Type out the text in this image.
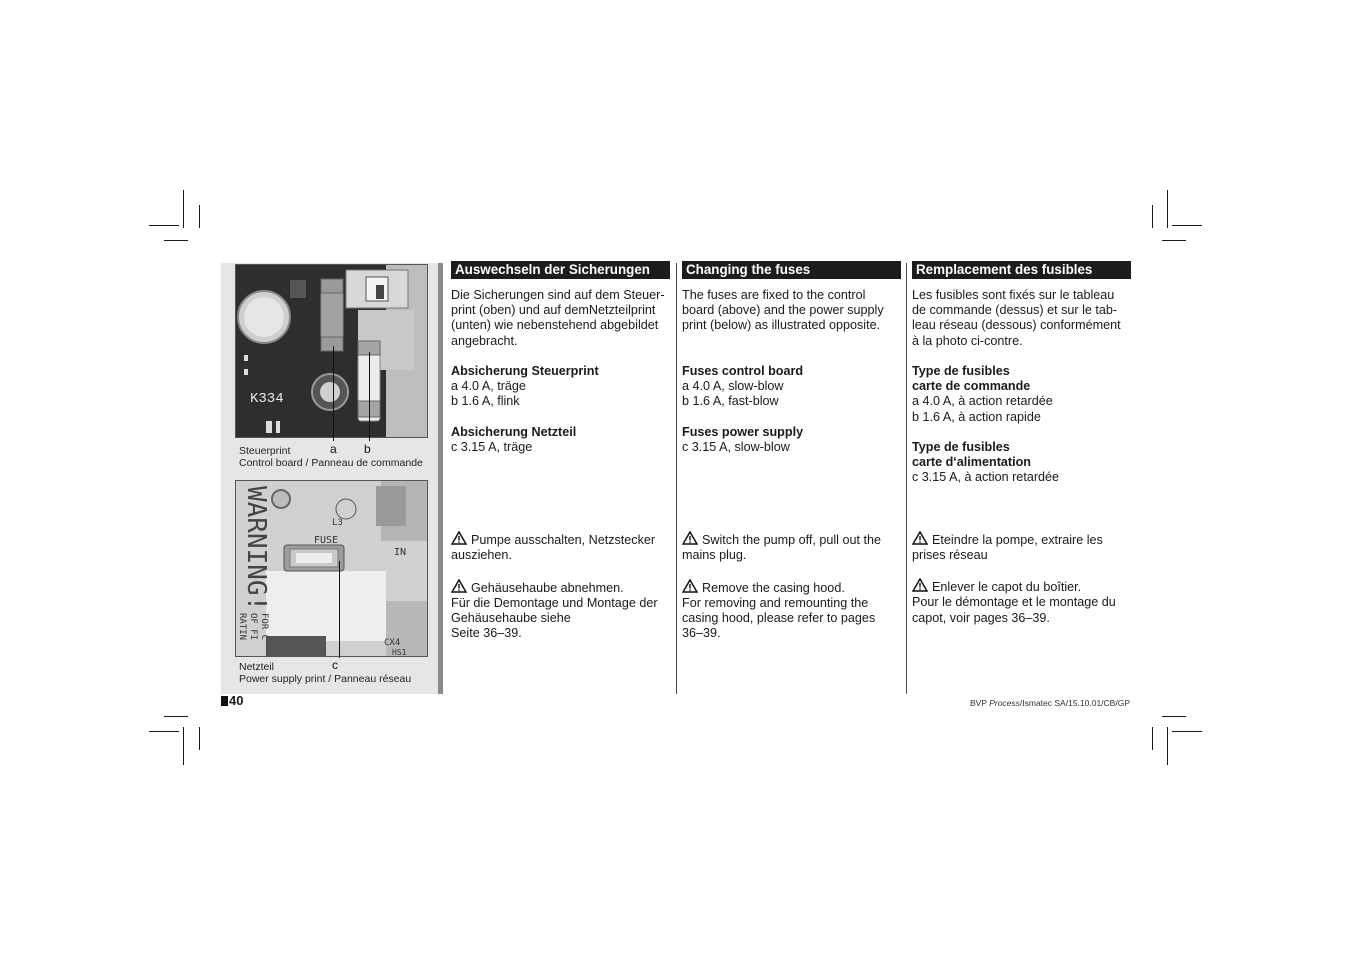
K334
a b
Steuerprint
Control board / Panneau de commande
WARNING!	FUSE
IN
L3
FOR C
OF FI
RATIN
CX4
HS1
c
Netzteil
Power supply print / Panneau réseau
Auswechseln der Sicherungen

Die Sicherungen sind auf dem Steuer-

print (oben) und auf demNetzteilprint

(unten) wie nebenstehend abgebildet

angebracht.

Absicherung Steuerprint

a 4.0 A, träge

b 1.6 A, flink

Absicherung Netzteil

c 3.15 A, träge

Pumpe ausschalten, Netzstecker

ausziehen.

Gehäusehaube abnehmen.

Für die Demontage und Montage der

Gehäusehaube siehe

Seite 36–39.

Changing the fuses

The fuses are fixed to the control

board (above) and the power supply

print (below) as illustrated opposite.

Fuses control board

a 4.0 A, slow-blow

b 1.6 A, fast-blow

Fuses power supply

c 3.15 A, slow-blow

Switch the pump off, pull out the

mains plug.

Remove the casing hood.

For removing and remounting the

casing hood, please refer to pages

36–39.

Remplacement des fusibles

Les fusibles sont fixés sur le tableau

de commande (dessus) et sur le tab-

leau réseau (dessous) conformément

à la photo ci-contre.

Type de fusibles

carte de commande

a 4.0 A, à action retardée

b 1.6 A, à action rapide

Type de fusibles

carte d‘alimentation

c 3.15 A, à action retardée

Eteindre la pompe, extraire les

prises réseau

Enlever le capot du boîtier.

Pour le démontage et le montage du

capot, voir pages 36–39.

40	BVP Process/Ismatec SA/15.10.01/CB/GP
